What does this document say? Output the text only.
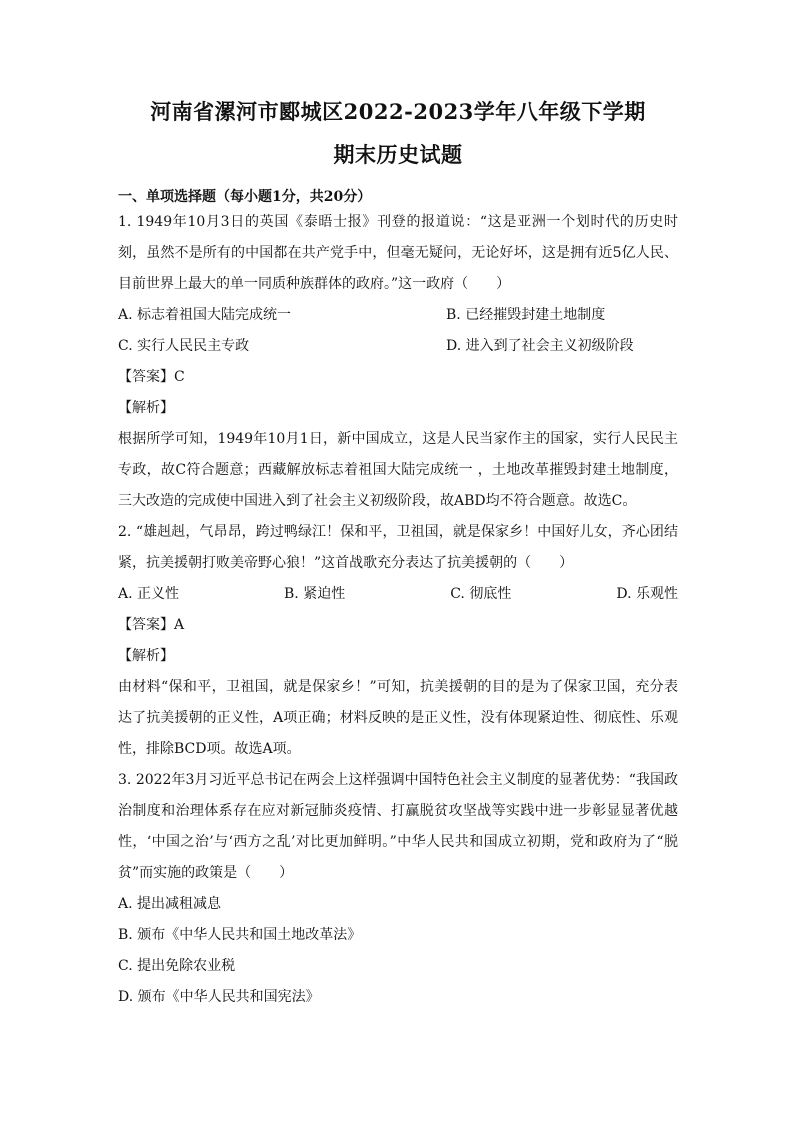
河南省漯河市郾城区2022-2023学年八年级下学期
期末历史试题
一、单项选择题（每小题1分，共20分）

1. 1949年10月3日的英国《泰晤士报》刊登的报道说：“这是亚洲一个划时代的历史时刻，虽然不是所有的中国都在共产党手中，但毫无疑问，无论好坏，这是拥有近5亿人民、目前世界上最大的单一同质种族群体的政府。”这一政府（　　）

A. 标志着祖国大陆完成统一	B. 已经摧毁封建土地制度
C. 实行人民民主专政	D. 进入到了社会主义初级阶段
【答案】C
【解析】

根据所学可知，1949年10月1日，新中国成立，这是人民当家作主的国家，实行人民民主专政，故C符合题意；西藏解放标志着祖国大陆完成统一 ，土地改革摧毁封建土地制度，三大改造的完成使中国进入到了社会主义初级阶段，故ABD均不符合题意。故选C。

2. “雄赳赳，气昂昂，跨过鸭绿江！保和平，卫祖国，就是保家乡！中国好儿女，齐心团结紧，抗美援朝打败美帝野心狼！”这首战歌充分表达了抗美援朝的（　　）

A. 正义性	B. 紧迫性	C. 彻底性	D. 乐观性
【答案】A
【解析】

由材料“保和平，卫祖国，就是保家乡！”可知，抗美援朝的目的是为了保家卫国，充分表达了抗美援朝的正义性，A项正确；材料反映的是正义性，没有体现紧迫性、彻底性、乐观性，排除BCD项。故选A项。

3. 2022年3月习近平总书记在两会上这样强调中国特色社会主义制度的显著优势：“我国政治制度和治理体系存在应对新冠肺炎疫情、打赢脱贫攻坚战等实践中进一步彰显显著优越性，‘中国之治’与‘西方之乱’对比更加鲜明。”中华人民共和国成立初期，党和政府为了“脱贫”而实施的政策是（　　）

A. 提出减租减息
B. 颁布《中华人民共和国土地改革法》
C. 提出免除农业税
D. 颁布《中华人民共和国宪法》
